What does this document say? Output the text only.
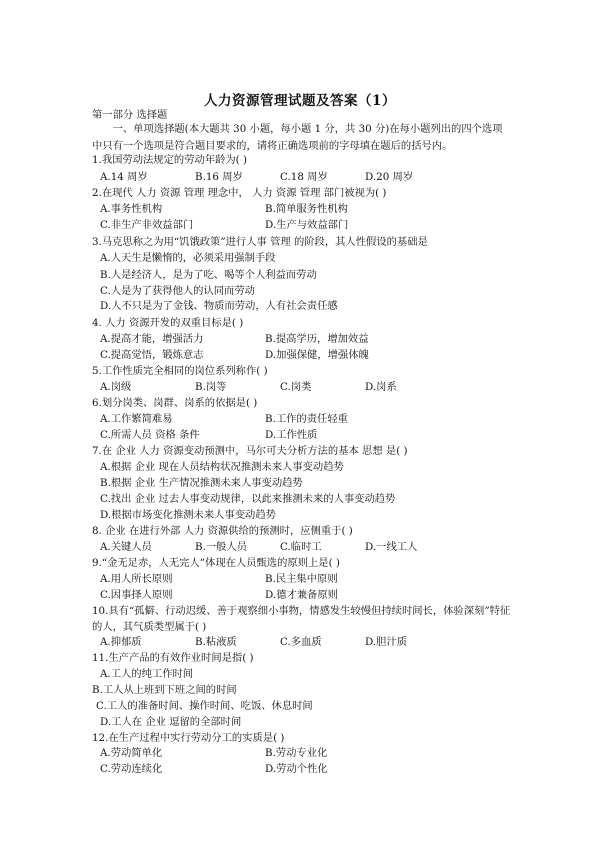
人力资源管理试题及答案（1）
第一部分 选择题
一、单项选择题(本大题共 30 小题，每小题 1 分，共 30 分)在每小题列出的四个选项中只有一个选项是符合题目要求的，请将正确选项前的字母填在题后的括号内。
1.我国劳动法规定的劳动年龄为( )
A.14 周岁	B.16 周岁	C.18 周岁	D.20 周岁
2.在现代 人力 资源 管理 理念中， 人力 资源 管理 部门被视为( )
A.事务性机构	B.简单服务性机构
C.非生产非效益部门	D.生产与效益部门
3.马克思称之为用“饥饿政策”进行人事 管理 的阶段，其人性假设的基础是
A.人天生是懒惰的，必须采用强制手段
B.人是经济人，是为了吃、喝等个人利益而劳动
C.人是为了获得他人的认同而劳动
D.人不只是为了金钱、物质而劳动，人有社会责任感
4. 人力 资源开发的双重目标是( )
A.提高才能，增强活力	B.提高学历，增加效益
C.提高觉悟，锻炼意志	D.加强保健，增强体魄
5.工作性质完全相同的岗位系列称作( )
A.岗级	B.岗等	C.岗类	D.岗系
6.划分岗类、岗群、岗系的依据是( )
A.工作繁简难易	B.工作的责任轻重
C.所需人员 资格 条件	D.工作性质
7.在 企业 人力 资源变动预测中，马尔可夫分析方法的基本 思想 是( )
A.根据 企业 现在人员结构状况推测未来人事变动趋势
B.根据 企业 生产情况推测未来人事变动趋势
C.找出 企业 过去人事变动规律，以此来推测未来的人事变动趋势
D.根据市场变化推测未来人事变动趋势
8. 企业 在进行外部 人力 资源供给的预测时，应侧重于( )
A.关键人员	B.一般人员	C.临时工	D.一线工人
9.“金无足赤，人无完人”体现在人员甄选的原则上是( )
A.用人所长原则	B.民主集中原则
C.因事择人原则	D.德才兼备原则
10.具有“孤僻、行动迟缓、善于观察细小事物，情感发生较慢但持续时间长，体验深刻”特征的人，其气质类型属于( )
A.抑郁质	B.粘液质	C.多血质	D.胆汁质
11.生产产品的有效作业时间是指( )
A.工人的纯工作时间
B.工人从上班到下班之间的时间
C.工人的准备时间、操作时间、吃饭、休息时间
D.工人在 企业 逗留的全部时间
12.在生产过程中实行劳动分工的实质是( )
A.劳动简单化	B.劳动专业化
C.劳动连续化	D.劳动个性化
